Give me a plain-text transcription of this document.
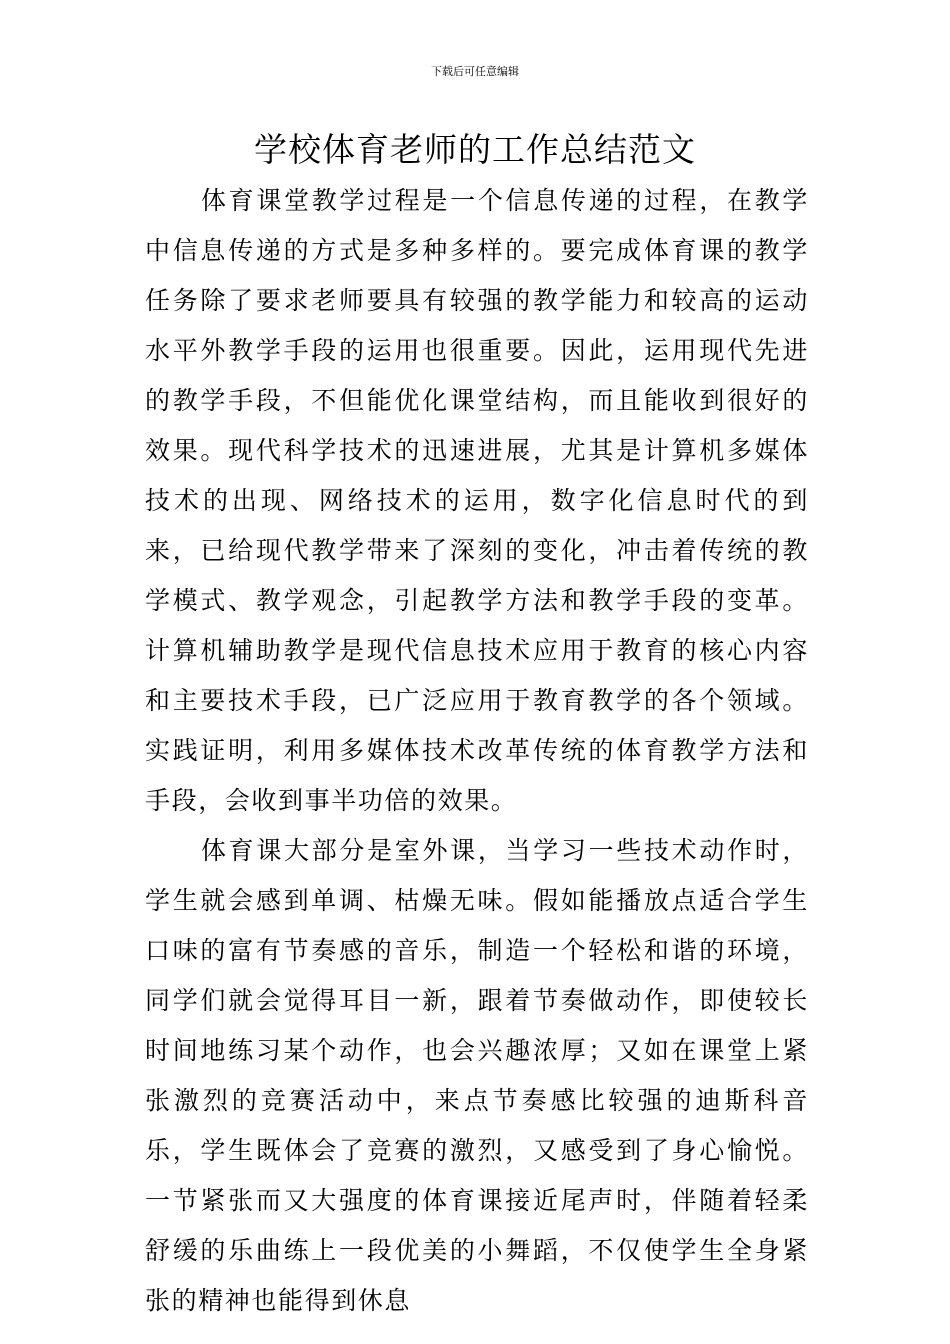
下载后可任意编辑
学校体育老师的工作总结范文

体育课堂教学过程是一个信息传递的过程，在教学中信息传递的方式是多种多样的。要完成体育课的教学任务除了要求老师要具有较强的教学能力和较高的运动水平外教学手段的运用也很重要。因此，运用现代先进的教学手段，不但能优化课堂结构，而且能收到很好的效果。现代科学技术的迅速进展，尤其是计算机多媒体技术的出现、网络技术的运用，数字化信息时代的到来，已给现代教学带来了深刻的变化，冲击着传统的教学模式、教学观念，引起教学方法和教学手段的变革。计算机辅助教学是现代信息技术应用于教育的核心内容和主要技术手段，已广泛应用于教育教学的各个领域。实践证明，利用多媒体技术改革传统的体育教学方法和手段，会收到事半功倍的效果。

体育课大部分是室外课，当学习一些技术动作时，学生就会感到单调、枯燥无味。假如能播放点适合学生口味的富有节奏感的音乐，制造一个轻松和谐的环境，同学们就会觉得耳目一新，跟着节奏做动作，即使较长时间地练习某个动作，也会兴趣浓厚；又如在课堂上紧张激烈的竞赛活动中，来点节奏感比较强的迪斯科音乐，学生既体会了竞赛的激烈，又感受到了身心愉悦。一节紧张而又大强度的体育课接近尾声时，伴随着轻柔舒缓的乐曲练上一段优美的小舞蹈，不仅使学生全身紧张的精神也能得到休息
